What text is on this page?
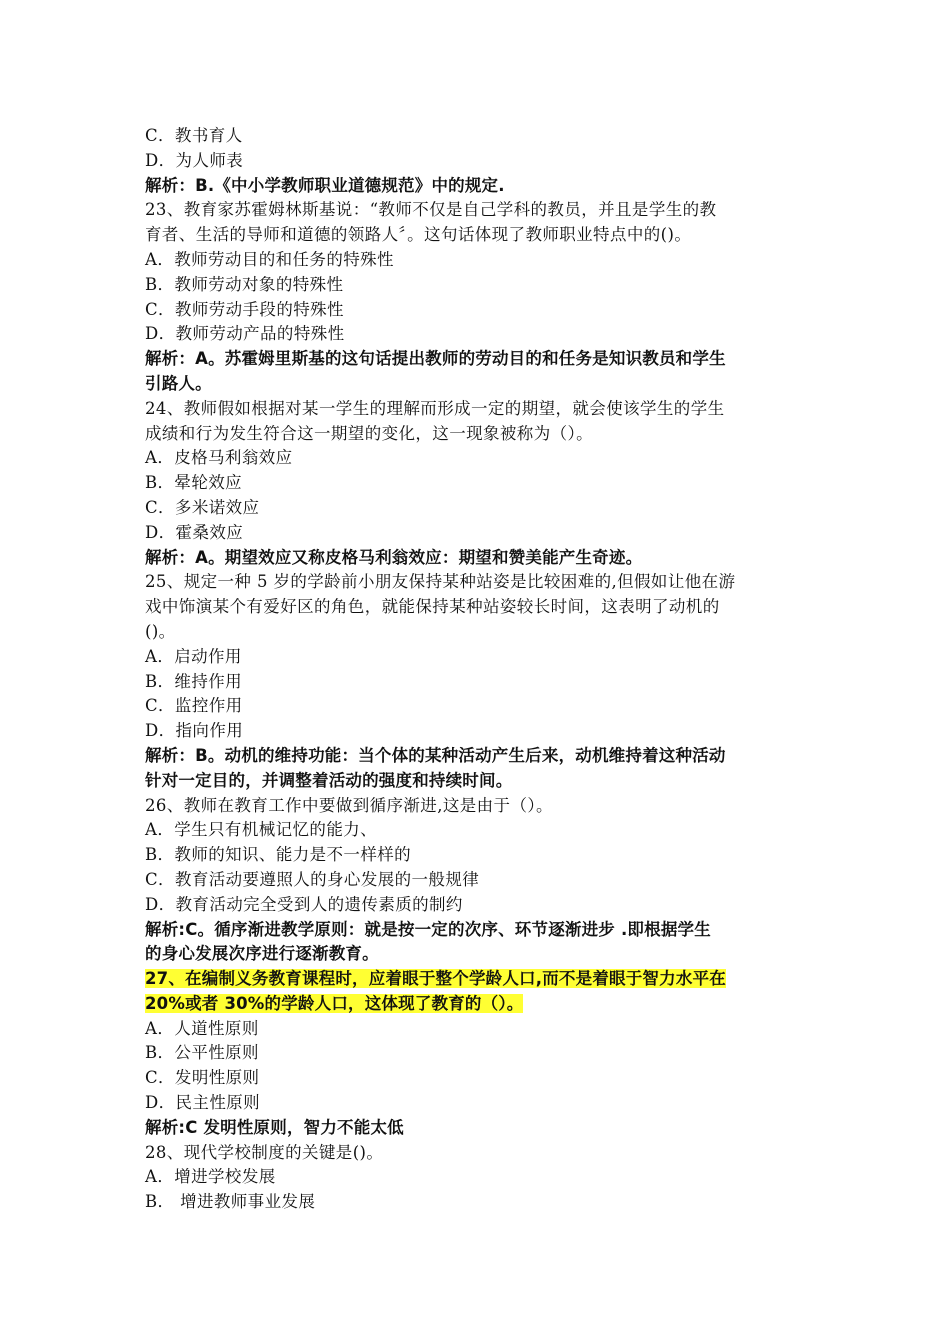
C．教书育人
D．为人师表
解析：B.《中小学教师职业道德规范》中的规定.
23、教育家苏霍姆林斯基说：“教师不仅是自己学科的教员，并且是学生的教
育者、生活的导师和道德的领路人〞。这句话体现了教师职业特点中的()。
A．教师劳动目的和任务的特殊性
B．教师劳动对象的特殊性
C．教师劳动手段的特殊性
D．教师劳动产品的特殊性
解析：A。苏霍姆里斯基的这句话提出教师的劳动目的和任务是知识教员和学生
引路人。
24、教师假如根据对某一学生的理解而形成一定的期望，就会使该学生的学生
成绩和行为发生符合这一期望的变化，这一现象被称为（）。
A．皮格马利翁效应
B．晕轮效应
C．多米诺效应
D．霍桑效应
解析：A。期望效应又称皮格马利翁效应：期望和赞美能产生奇迹。
25、规定一种 5 岁的学龄前小朋友保持某种站姿是比较困难的,但假如让他在游
戏中饰演某个有爱好区的角色，就能保持某种站姿较长时间，这表明了动机的
()。
A．启动作用
B．维持作用
C．监控作用
D．指向作用
解析：B。动机的维持功能：当个体的某种活动产生后来，动机维持着这种活动
针对一定目的，并调整着活动的强度和持续时间。
26、教师在教育工作中要做到循序渐进,这是由于（）。
A．学生只有机械记忆的能力、
B．教师的知识、能力是不一样样的
C．教育活动要遵照人的身心发展的一般规律
D．教育活动完全受到人的遗传素质的制约
解析:C。循序渐进教学原则：就是按一定的次序、环节逐渐进步 .即根据学生
的身心发展次序进行逐渐教育。
27、在编制义务教育课程时，应着眼于整个学龄人口,而不是着眼于智力水平在
20%或者 30%的学龄人口，这体现了教育的（）。
A．人道性原则
B．公平性原则
C．发明性原则
D．民主性原则
解析:C 发明性原则，智力不能太低
28、现代学校制度的关键是()。
A．增进学校发展
B． 增进教师事业发展
